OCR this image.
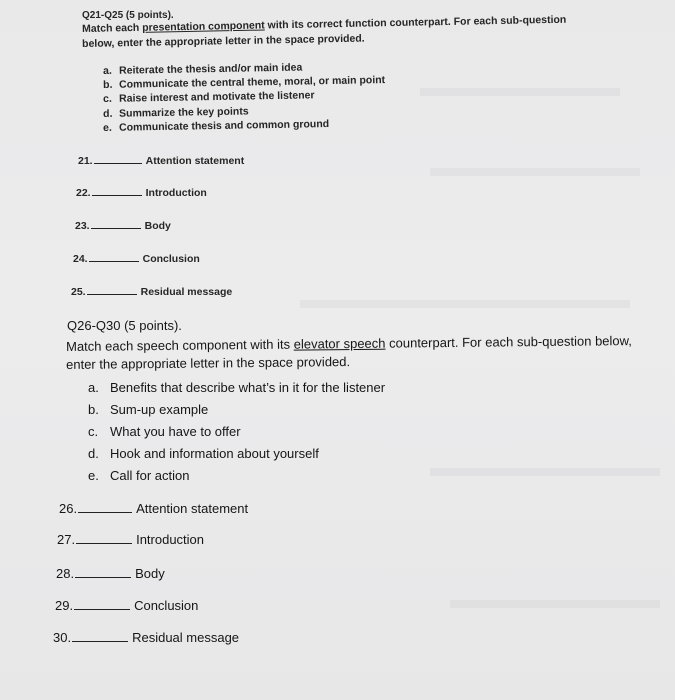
Q21-Q25 (5 points).
Match each presentation component with its correct function counterpart. For each sub-question
below, enter the appropriate letter in the space provided.
a. Reiterate the thesis and/or main idea
b. Communicate the central theme, moral, or main point
c. Raise interest and motivate the listener
d. Summarize the key points
e. Communicate thesis and common ground
21.	Attention statement
22.	Introduction
23.	Body
24.	Conclusion
25.	Residual message
Q26-Q30 (5 points).
Match each speech component with its elevator speech counterpart. For each sub-question below,
enter the appropriate letter in the space provided.
a. Benefits that describe what’s in it for the listener
b. Sum-up example
c. What you have to offer
d. Hook and information about yourself
e. Call for action
26.	Attention statement
27.	Introduction
28.	Body
29.	Conclusion
30.	Residual message
